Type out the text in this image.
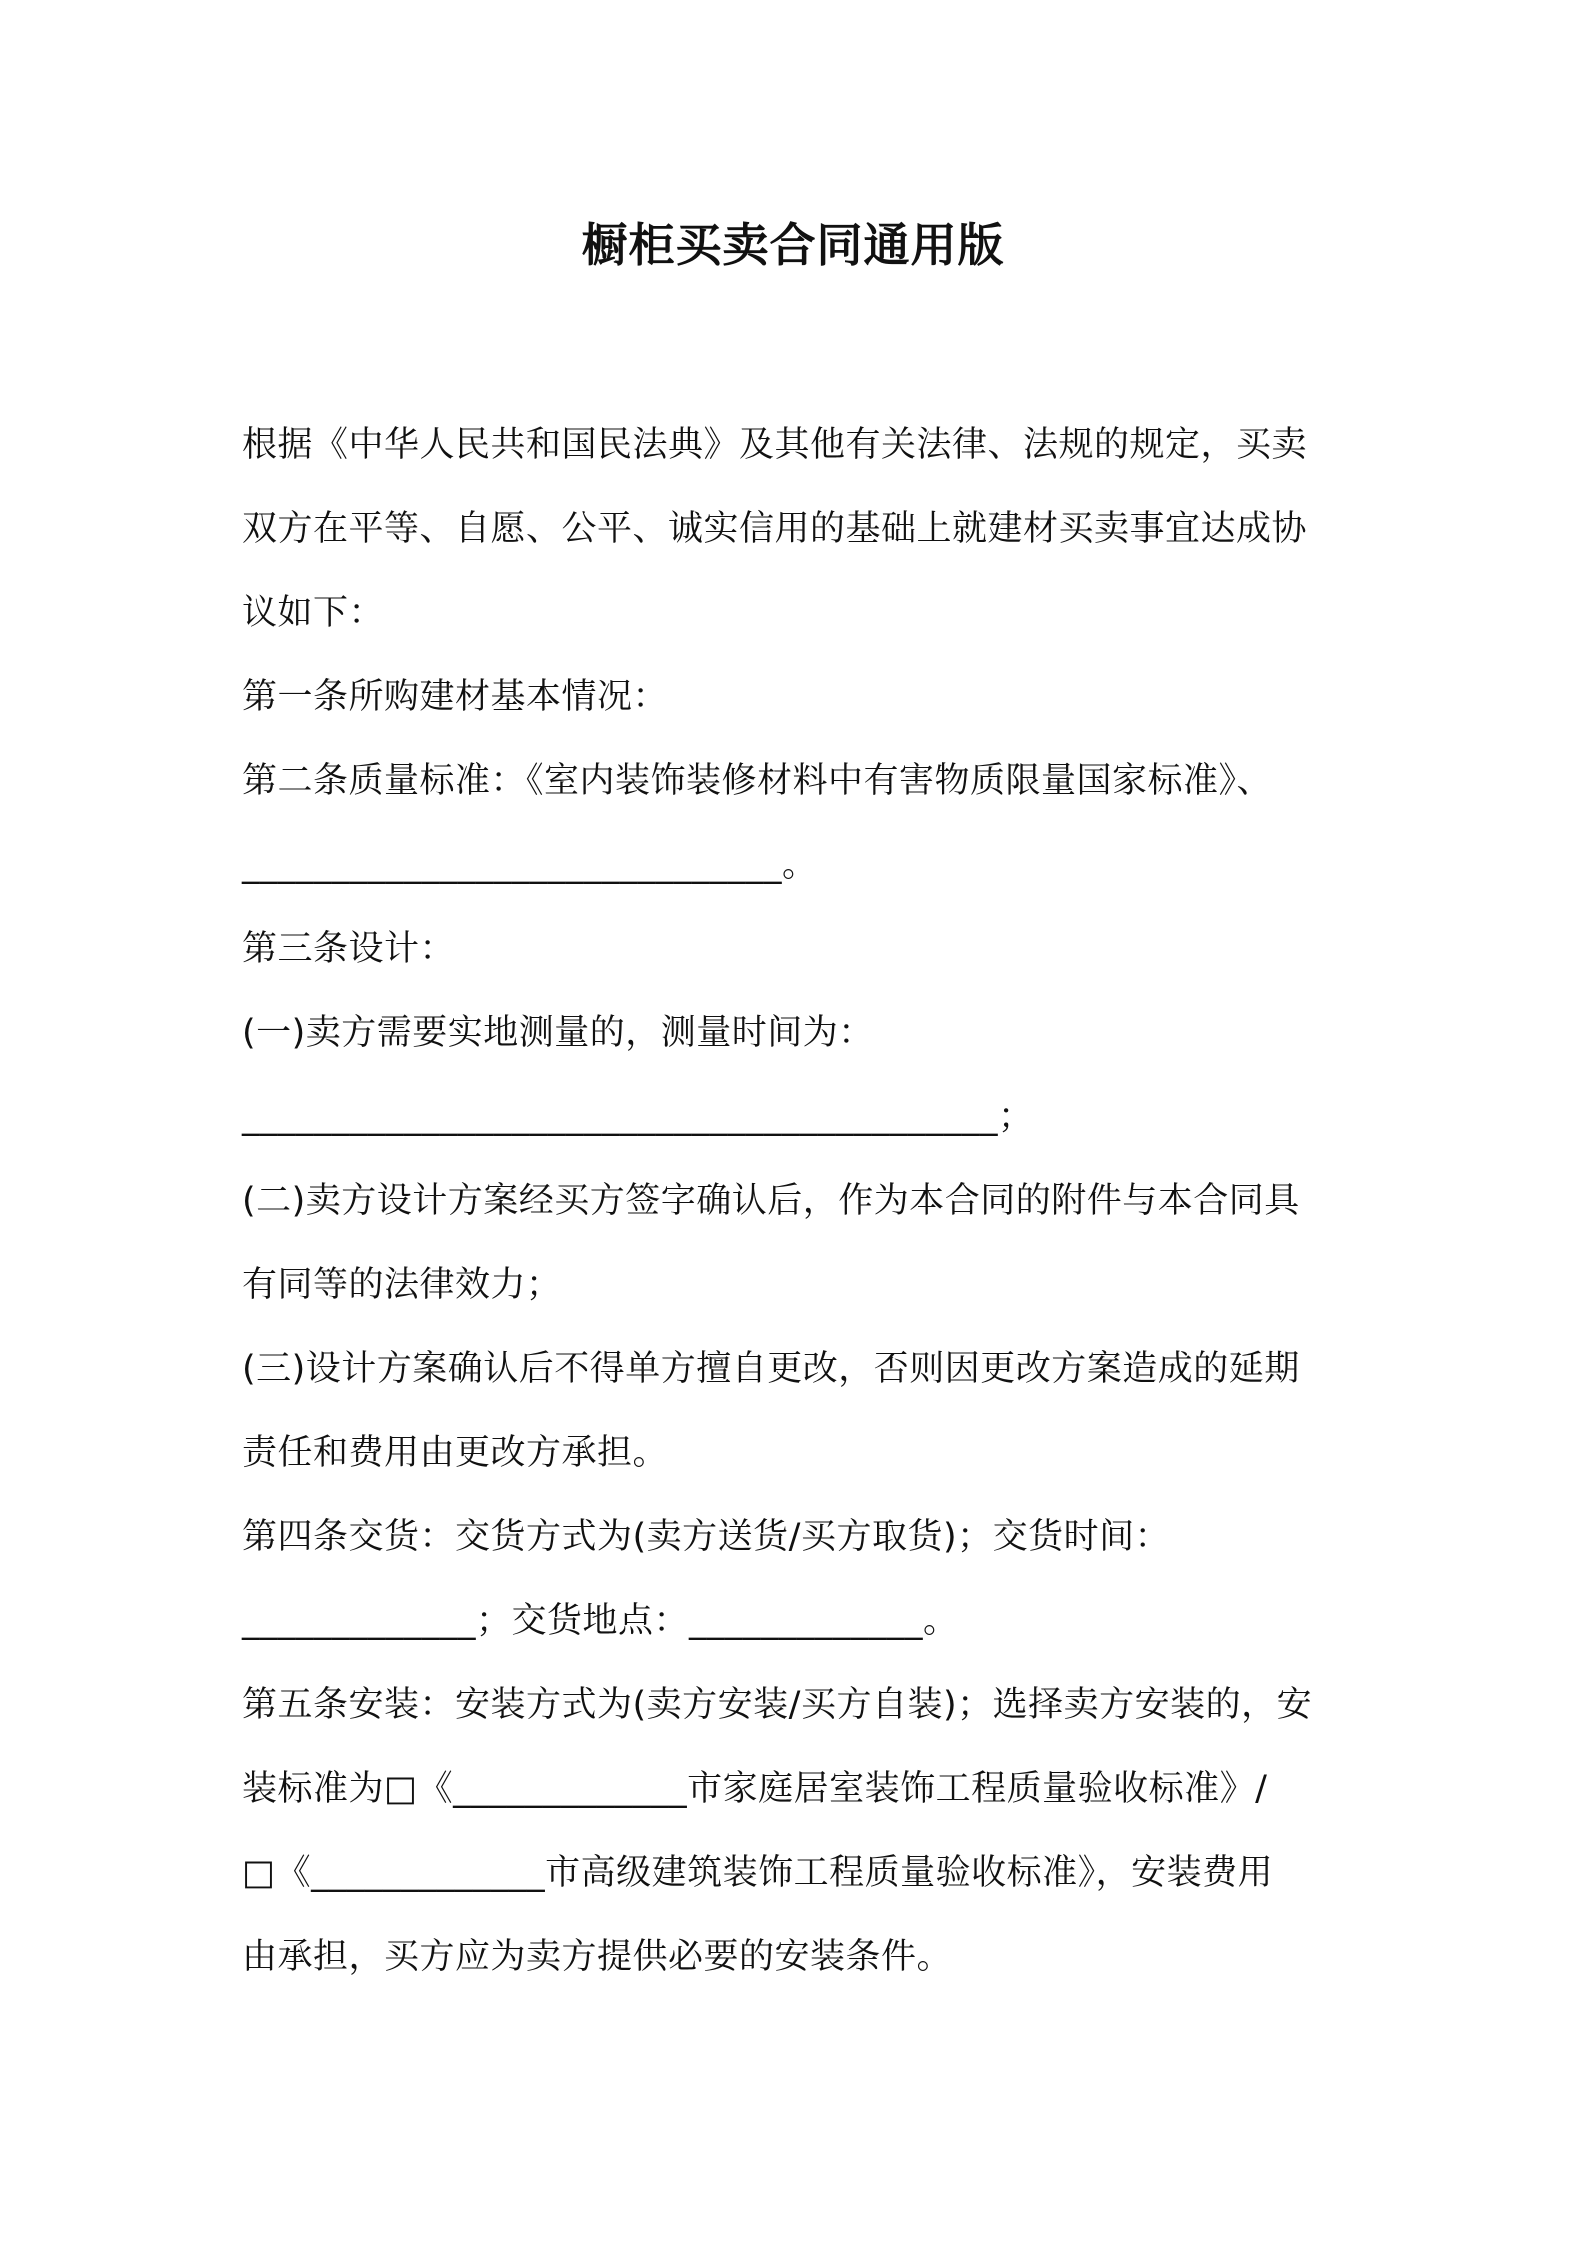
橱柜买卖合同通用版
根据《中华人民共和国民法典》及其他有关法律、法规的规定，买卖
双方在平等、自愿、公平、诚实信用的基础上就建材买卖事宜达成协
议如下：
第一条所购建材基本情况：
第二条质量标准：《室内装饰装修材料中有害物质限量国家标准》、
______________________________。
第三条设计：
(一)卖方需要实地测量的，测量时间为：
__________________________________________；
(二)卖方设计方案经买方签字确认后，作为本合同的附件与本合同具
有同等的法律效力；
(三)设计方案确认后不得单方擅自更改，否则因更改方案造成的延期
责任和费用由更改方承担。
第四条交货：交货方式为(卖方送货/买方取货)；交货时间：
_____________；交货地点：_____________。
第五条安装：安装方式为(卖方安装/买方自装)；选择卖方安装的，安
装标准为□《_____________市家庭居室装饰工程质量验收标准》/
□《_____________市高级建筑装饰工程质量验收标准》，安装费用
由承担，买方应为卖方提供必要的安装条件。
